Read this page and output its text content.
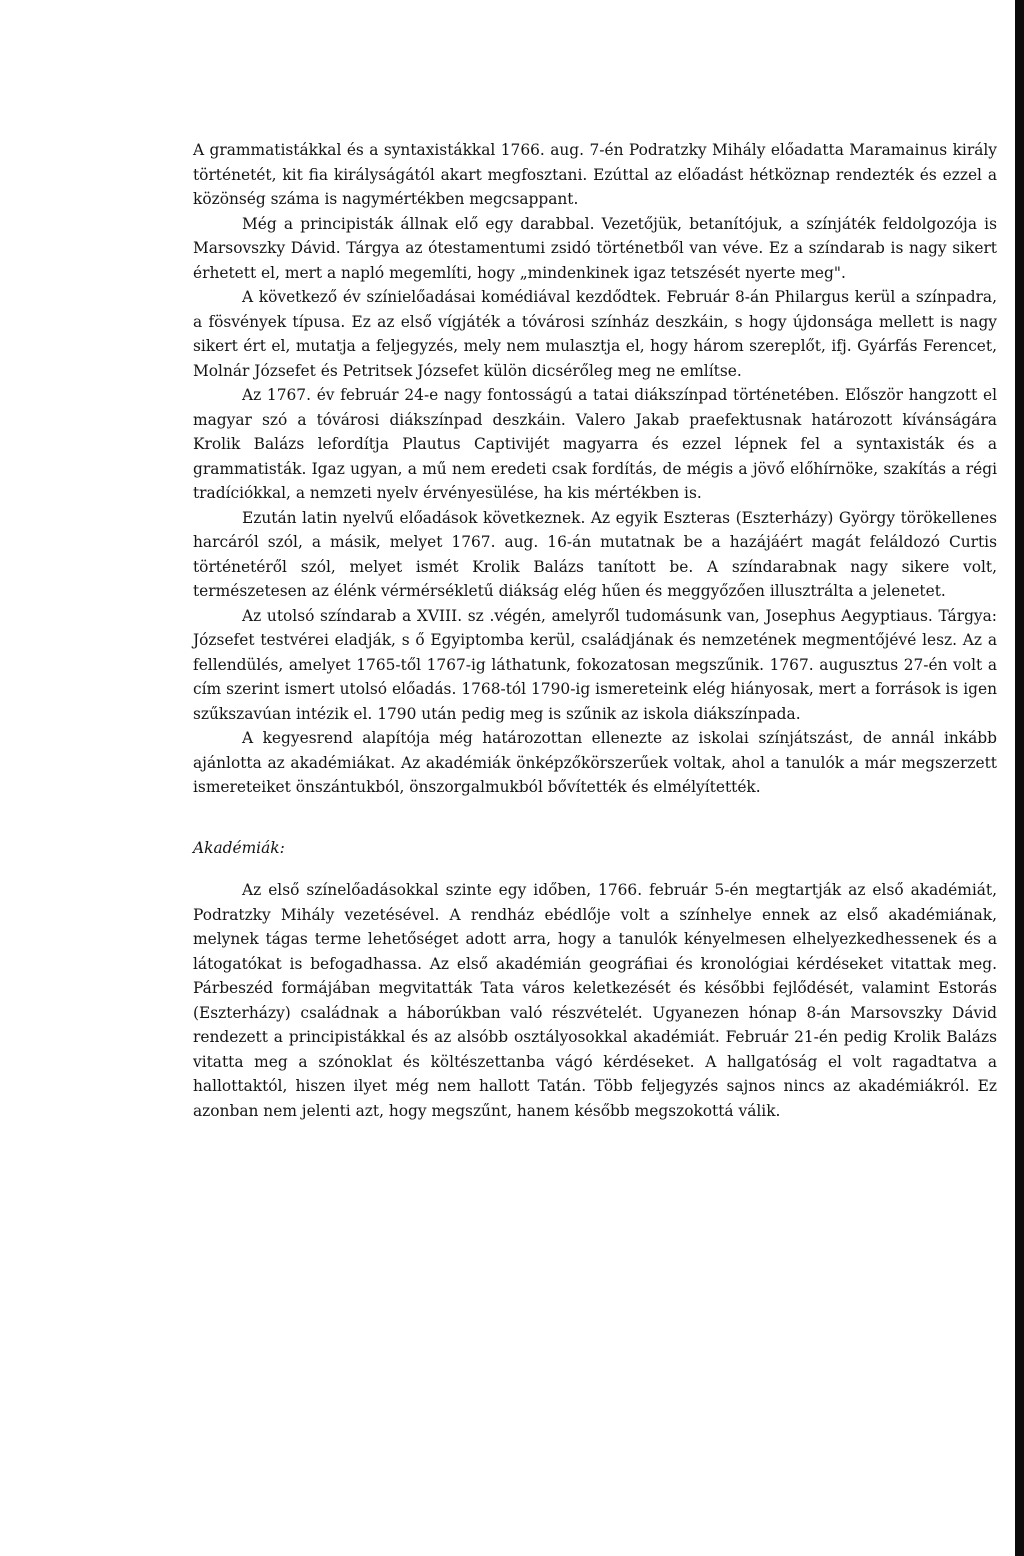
A grammatistákkal és a syntaxistákkal 1766. aug. 7-én Podratzky Mihály előadatta Maramainus király történetét, kit fia királyságától akart megfosztani. Ezúttal az előadást hétköznap rendezték és ezzel a közönség száma is nagymértékben megcsappant.

Még a principisták állnak elő egy darabbal. Vezetőjük, betanítójuk, a színjáték feldolgozója is Marsovszky Dávid. Tárgya az ótestamentumi zsidó történetből van véve. Ez a színdarab is nagy sikert érhetett el, mert a napló megemlíti, hogy „mindenkinek igaz tetszését nyerte meg".

A következő év színielőadásai komédiával kezdődtek. Február 8-án Philargus kerül a színpadra, a fösvények típusa. Ez az első vígjáték a tóvárosi színház deszkáin, s hogy újdonsága mellett is nagy sikert ért el, mutatja a feljegyzés, mely nem mulasztja el, hogy három szereplőt, ifj. Gyárfás Ferencet, Molnár Józsefet és Petritsek Józsefet külön dicsérőleg meg ne említse.

Az 1767. év február 24-e nagy fontosságú a tatai diákszínpad történetében. Először hangzott el magyar szó a tóvárosi diákszínpad deszkáin. Valero Jakab praefektusnak határozott kívánságára Krolik Balázs lefordítja Plautus Captivijét magyarra és ezzel lépnek fel a syntaxisták és a grammatisták. Igaz ugyan, a mű nem eredeti csak fordítás, de mégis a jövő előhírnöke, szakítás a régi tradíciókkal, a nemzeti nyelv érvényesülése, ha kis mértékben is.

Ezután latin nyelvű előadások következnek. Az egyik Eszteras (Eszterházy) György törökellenes harcáról szól, a másik, melyet 1767. aug. 16-án mutatnak be a hazájáért magát feláldozó Curtis történetéről szól, melyet ismét Krolik Balázs tanított be. A színdarabnak nagy sikere volt, természetesen az élénk vérmérsékletű diákság elég hűen és meggyőzően illusztrálta a jelenetet.

Az utolsó színdarab a XVIII. sz .végén, amelyről tudomásunk van, Josephus Aegyptiaus. Tárgya: Józsefet testvérei eladják, s ő Egyiptomba kerül, családjának és nemzetének megmentőjévé lesz. Az a fellendülés, amelyet 1765-től 1767-ig láthatunk, fokozatosan megszűnik. 1767. augusztus 27-én volt a cím szerint ismert utolsó előadás. 1768-tól 1790-ig ismereteink elég hiányosak, mert a források is igen szűkszavúan intézik el. 1790 után pedig meg is szűnik az iskola diákszínpada.

A kegyesrend alapítója még határozottan ellenezte az iskolai színjátszást, de annál inkább ajánlotta az akadémiákat. Az akadémiák önképzőkörszerűek voltak, ahol a tanulók a már megszerzett ismereteiket önszántukból, önszorgalmukból bővítették és elmélyítették.

Akadémiák:

Az első színelőadásokkal szinte egy időben, 1766. február 5-én megtartják az első akadémiát, Podratzky Mihály vezetésével. A rendház ebédlője volt a színhelye ennek az első akadémiának, melynek tágas terme lehetőséget adott arra, hogy a tanulók kényelmesen elhelyezkedhessenek és a látogatókat is befogadhassa. Az első akadémián geográfiai és kronológiai kérdéseket vitattak meg. Párbeszéd formájában megvitatták Tata város keletkezését és későbbi fejlődését, valamint Estorás (Eszterházy) családnak a háborúkban való részvételét. Ugyanezen hónap 8-án Marsovszky Dávid rendezett a principistákkal és az alsóbb osztályosokkal akadémiát. Február 21-én pedig Krolik Balázs vitatta meg a szónoklat és költészettanba vágó kérdéseket. A hallgatóság el volt ragadtatva a hallottaktól, hiszen ilyet még nem hallott Tatán. Több feljegyzés sajnos nincs az akadémiákról. Ez azonban nem jelenti azt, hogy megszűnt, hanem később megszokottá válik.
